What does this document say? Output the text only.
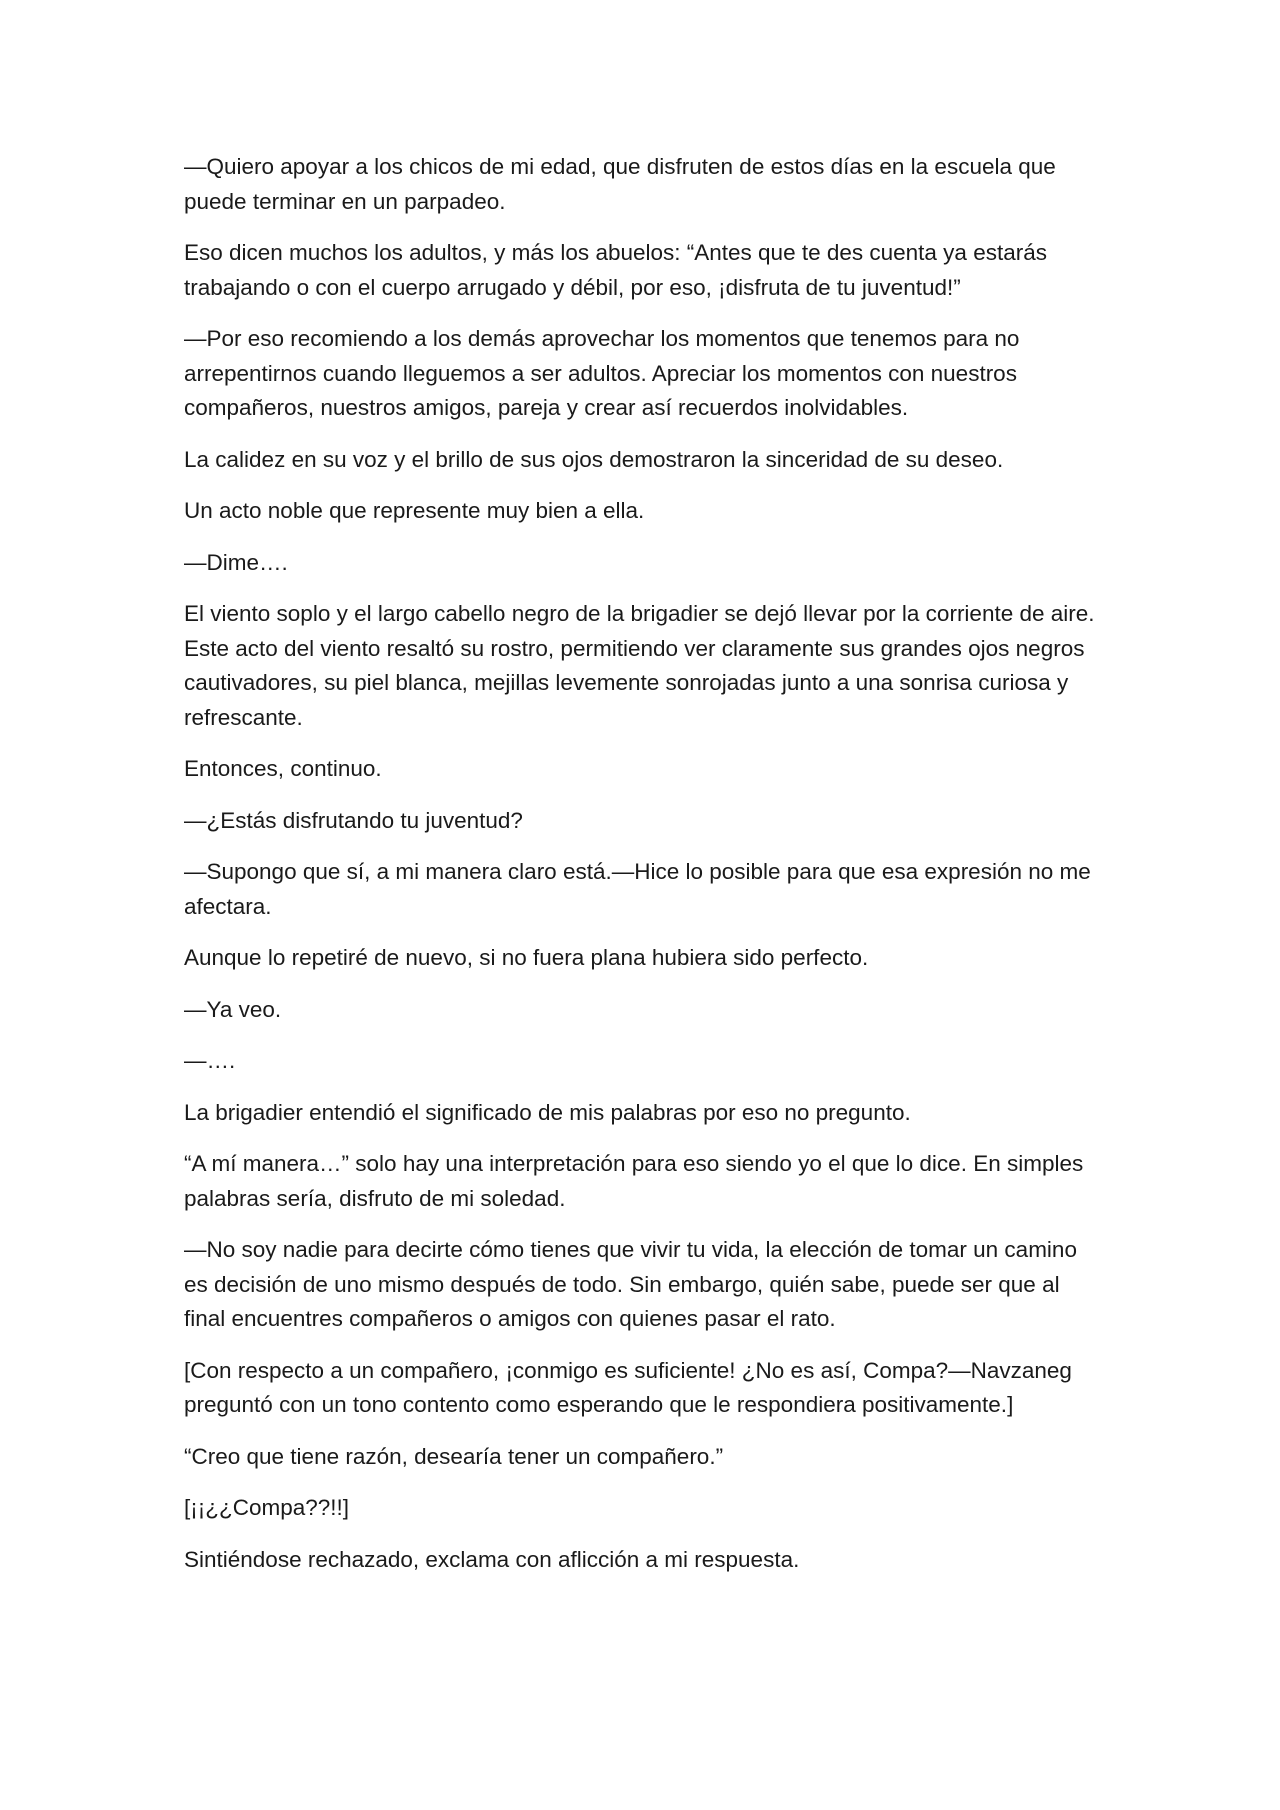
—Quiero apoyar a los chicos de mi edad, que disfruten de estos días en la escuela que puede terminar en un parpadeo.

Eso dicen muchos los adultos, y más los abuelos: “Antes que te des cuenta ya estarás trabajando o con el cuerpo arrugado y débil, por eso, ¡disfruta de tu juventud!”

—Por eso recomiendo a los demás aprovechar los momentos que tenemos para no arrepentirnos cuando lleguemos a ser adultos. Apreciar los momentos con nuestros compañeros, nuestros amigos, pareja y crear así recuerdos inolvidables.

La calidez en su voz y el brillo de sus ojos demostraron la sinceridad de su deseo.

Un acto noble que represente muy bien a ella.

—Dime….

El viento soplo y el largo cabello negro de la brigadier se dejó llevar por la corriente de aire. Este acto del viento resaltó su rostro, permitiendo ver claramente sus grandes ojos negros cautivadores, su piel blanca, mejillas levemente sonrojadas junto a una sonrisa curiosa y refrescante.

Entonces, continuo.

—¿Estás disfrutando tu juventud?

—Supongo que sí, a mi manera claro está.—Hice lo posible para que esa expresión no me afectara.

Aunque lo repetiré de nuevo, si no fuera plana hubiera sido perfecto.

—Ya veo.

—….

La brigadier entendió el significado de mis palabras por eso no pregunto.

“A mí manera…” solo hay una interpretación para eso siendo yo el que lo dice. En simples palabras sería, disfruto de mi soledad.

—No soy nadie para decirte cómo tienes que vivir tu vida, la elección de tomar un camino es decisión de uno mismo después de todo. Sin embargo, quién sabe, puede ser que al final encuentres compañeros o amigos con quienes pasar el rato.

[Con respecto a un compañero, ¡conmigo es suficiente! ¿No es así, Compa?—Navzaneg preguntó con un tono contento como esperando que le respondiera positivamente.]

“Creo que tiene razón, desearía tener un compañero.”

[¡¡¿¿Compa??!!]

Sintiéndose rechazado, exclama con aflicción a mi respuesta.
